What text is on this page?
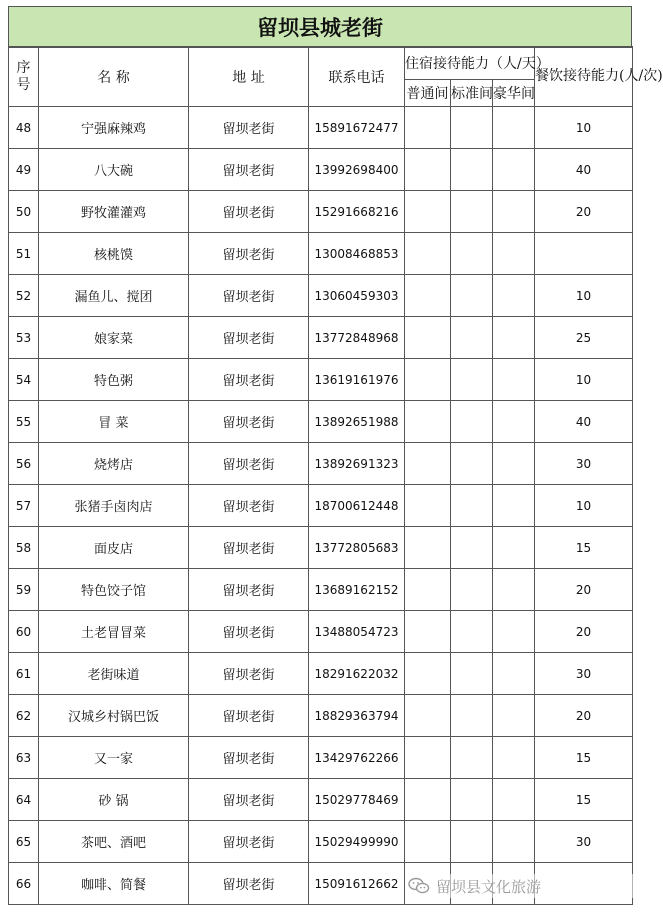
留坝县城老街
序号	名 称	地 址	联系电话	住宿接待能力（人/天）			餐饮接待能力(人/次)
				普通间	标准间	豪华间	
48	宁强麻辣鸡	留坝老街	15891672477				10
49	八大碗	留坝老街	13992698400				40
50	野牧灌灌鸡	留坝老街	15291668216				20
51	核桃馍	留坝老街	13008468853				
52	漏鱼儿、搅团	留坝老街	13060459303				10
53	娘家菜	留坝老街	13772848968				25
54	特色粥	留坝老街	13619161976				10
55	冒 菜	留坝老街	13892651988				40
56	烧烤店	留坝老街	13892691323				30
57	张猪手卤肉店	留坝老街	18700612448				10
58	面皮店	留坝老街	13772805683				15
59	特色饺子馆	留坝老街	13689162152				20
60	土老冒冒菜	留坝老街	13488054723				20
61	老街味道	留坝老街	18291622032				30
62	汉城乡村锅巴饭	留坝老街	18829363794				20
63	又一家	留坝老街	13429762266				15
64	砂 锅	留坝老街	15029778469				15
65	茶吧、酒吧	留坝老街	15029499990				30
66	咖啡、简餐	留坝老街	15091612662					留坝县文化旅游
